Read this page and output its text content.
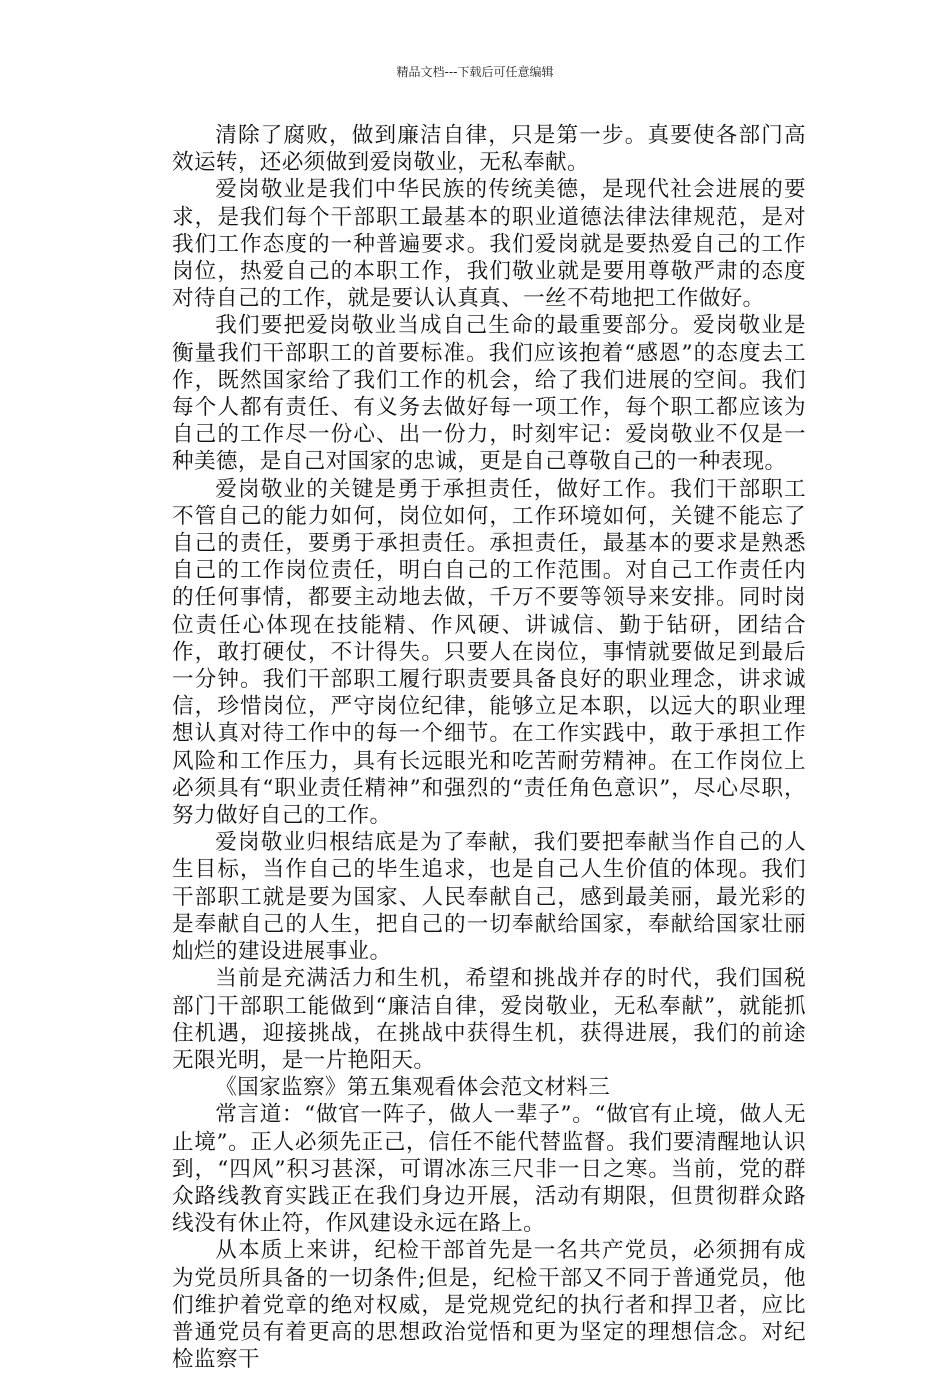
精品文档---下载后可任意编辑

清除了腐败，做到廉洁自律，只是第一步。真要使各部门高效运转，还必须做到爱岗敬业，无私奉献。

爱岗敬业是我们中华民族的传统美德，是现代社会进展的要求，是我们每个干部职工最基本的职业道德法律法律规范，是对我们工作态度的一种普遍要求。我们爱岗就是要热爱自己的工作岗位，热爱自己的本职工作，我们敬业就是要用尊敬严肃的态度对待自己的工作，就是要认认真真、一丝不苟地把工作做好。

我们要把爱岗敬业当成自己生命的最重要部分。爱岗敬业是衡量我们干部职工的首要标准。我们应该抱着“感恩”的态度去工作，既然国家给了我们工作的机会，给了我们进展的空间。我们每个人都有责任、有义务去做好每一项工作，每个职工都应该为自己的工作尽一份心、出一份力，时刻牢记：爱岗敬业不仅是一种美德，是自己对国家的忠诚，更是自己尊敬自己的一种表现。

爱岗敬业的关键是勇于承担责任，做好工作。我们干部职工不管自己的能力如何，岗位如何，工作环境如何，关键不能忘了自己的责任，要勇于承担责任。承担责任，最基本的要求是熟悉自己的工作岗位责任，明白自己的工作范围。对自己工作责任内的任何事情，都要主动地去做，千万不要等领导来安排。同时岗位责任心体现在技能精、作风硬、讲诚信、勤于钻研，团结合作，敢打硬仗，不计得失。只要人在岗位，事情就要做足到最后一分钟。我们干部职工履行职责要具备良好的职业理念，讲求诚信，珍惜岗位，严守岗位纪律，能够立足本职，以远大的职业理想认真对待工作中的每一个细节。在工作实践中，敢于承担工作风险和工作压力，具有长远眼光和吃苦耐劳精神。在工作岗位上必须具有“职业责任精神”和强烈的“责任角色意识”，尽心尽职，努力做好自己的工作。

爱岗敬业归根结底是为了奉献，我们要把奉献当作自己的人生目标，当作自己的毕生追求，也是自己人生价值的体现。我们干部职工就是要为国家、人民奉献自己，感到最美丽，最光彩的是奉献自己的人生，把自己的一切奉献给国家，奉献给国家壮丽灿烂的建设进展事业。

当前是充满活力和生机，希望和挑战并存的时代，我们国税部门干部职工能做到“廉洁自律，爱岗敬业，无私奉献”，就能抓住机遇，迎接挑战，在挑战中获得生机，获得进展，我们的前途无限光明，是一片艳阳天。

《国家监察》第五集观看体会范文材料三

常言道：“做官一阵子，做人一辈子”。“做官有止境，做人无止境”。正人必须先正己，信任不能代替监督。我们要清醒地认识到，“四风”积习甚深，可谓冰冻三尺非一日之寒。当前，党的群众路线教育实践正在我们身边开展，活动有期限，但贯彻群众路线没有休止符，作风建设永远在路上。

从本质上来讲，纪检干部首先是一名共产党员，必须拥有成为党员所具备的一切条件;但是，纪检干部又不同于普通党员，他们维护着党章的绝对权威，是党规党纪的执行者和捍卫者，应比普通党员有着更高的思想政治觉悟和更为坚定的理想信念。对纪检监察干
